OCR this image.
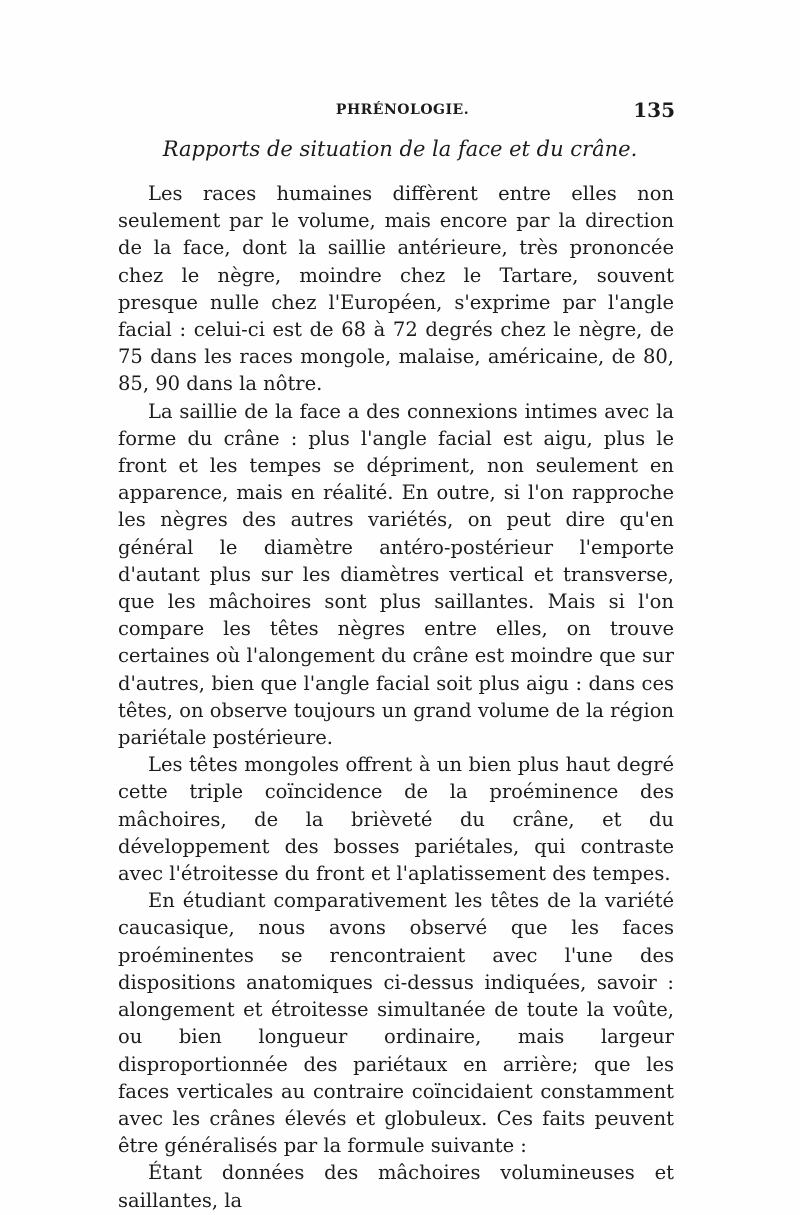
PHRÉNOLOGIE.	135
Rapports de situation de la face et du crâne.

Les races humaines diffèrent entre elles non seulement par le volume, mais encore par la direction de la face, dont la saillie antérieure, très prononcée chez le nègre, moindre chez le Tartare, souvent presque nulle chez l'Européen, s'exprime par l'angle facial : celui-ci est de 68 à 72 degrés chez le nègre, de 75 dans les races mongole, malaise, américaine, de 80, 85, 90 dans la nôtre.

La saillie de la face a des connexions intimes avec la forme du crâne : plus l'angle facial est aigu, plus le front et les tempes se dépriment, non seulement en apparence, mais en réalité. En outre, si l'on rapproche les nègres des autres variétés, on peut dire qu'en général le diamètre antéro-postérieur l'emporte d'autant plus sur les diamètres vertical et transverse, que les mâchoires sont plus saillantes. Mais si l'on compare les têtes nègres entre elles, on trouve certaines où l'alongement du crâne est moindre que sur d'autres, bien que l'angle facial soit plus aigu : dans ces têtes, on observe toujours un grand volume de la région pariétale postérieure.

Les têtes mongoles offrent à un bien plus haut degré cette triple coïncidence de la proéminence des mâchoires, de la brièveté du crâne, et du développement des bosses pariétales, qui contraste avec l'étroitesse du front et l'aplatissement des tempes.

En étudiant comparativement les têtes de la variété caucasique, nous avons observé que les faces proéminentes se rencontraient avec l'une des dispositions anatomiques ci-dessus indiquées, savoir : alongement et étroitesse simultanée de toute la voûte, ou bien longueur ordinaire, mais largeur disproportionnée des pariétaux en arrière; que les faces verticales au contraire coïncidaient constamment avec les crânes élevés et globuleux. Ces faits peuvent être généralisés par la formule suivante :

Étant données des mâchoires volumineuses et saillantes, la
